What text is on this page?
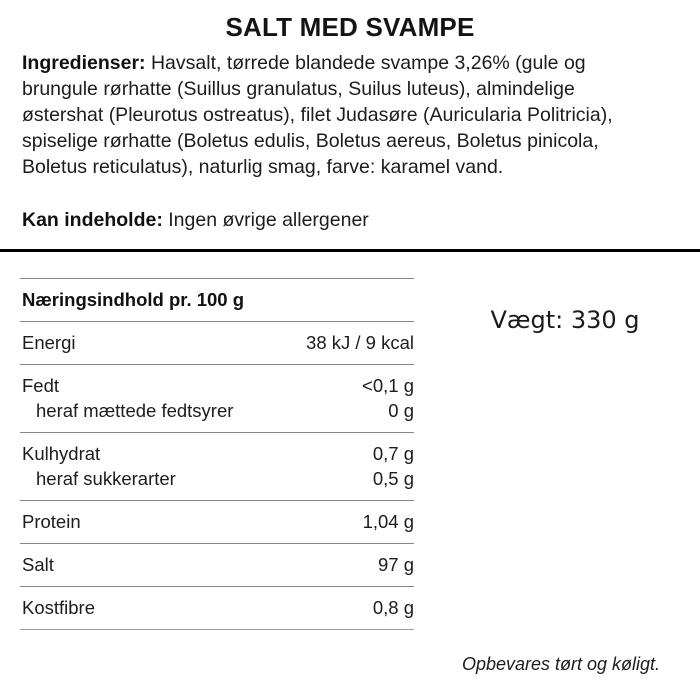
SALT MED SVAMPE
Ingredienser: Havsalt, tørrede blandede svampe 3,26% (gule og brungule rørhatte (Suillus granulatus, Suilus luteus), almindelige østershat (Pleurotus ostreatus), filet Judasøre (Auricularia Politricia), spiselige rørhatte (Boletus edulis, Boletus aereus, Boletus pinicola, Boletus reticulatus), naturlig smag, farve: karamel vand.
Kan indeholde: Ingen øvrige allergener
Næringsindhold pr. 100 g
Energi	38 kJ / 9 kcal
Fedt	<0,1 g
heraf mættede fedtsyrer	0 g
Kulhydrat	0,7 g
heraf sukkerarter	0,5 g
Protein	1,04 g
Salt	97 g
Kostfibre	0,8 g
Vægt: 330 g
Opbevares tørt og køligt.
